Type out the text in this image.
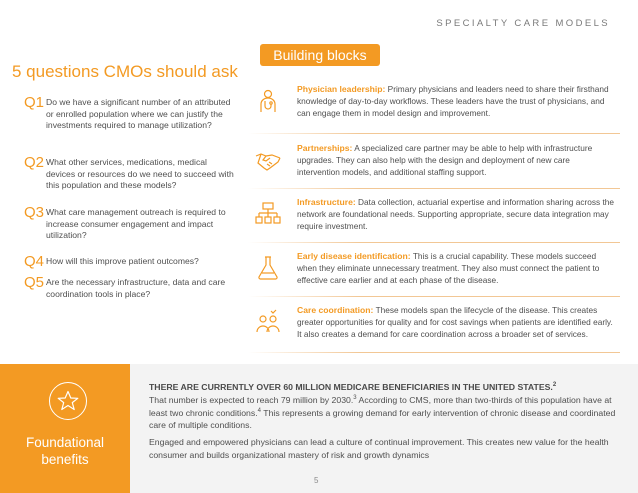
SPECIALTY CARE MODELS
5 questions CMOs should ask
Q1 Do we have a significant number of an attributed or enrolled population where we can justify the investments required to manage utilization?
Q2 What other services, medications, medical devices or resources do we need to succeed with this population and these models?
Q3 What care management outreach is required to increase consumer engagement and impact utilization?
Q4 How will this improve patient outcomes?
Q5 Are the necessary infrastructure, data and care coordination tools in place?
Building blocks
Physician leadership: Primary physicians and leaders need to share their firsthand knowledge of day-to-day workflows. These leaders have the trust of physicians, and can engage them in model design and improvement.
Partnerships: A specialized care partner may be able to help with infrastructure upgrades. They can also help with the design and deployment of new care intervention models, and additional staffing support.
Infrastructure: Data collection, actuarial expertise and information sharing across the network are foundational needs. Supporting appropriate, secure data integration may require investment.
Early disease identification: This is a crucial capability. These models succeed when they eliminate unnecessary treatment. They also must connect the patient to effective care earlier and at each phase of the disease.
Care coordination: These models span the lifecycle of the disease. This creates greater opportunities for quality and for cost savings when patients are identified early. It also creates a demand for care coordination across a broader set of services.
Foundational benefits

THERE ARE CURRENTLY OVER 60 MILLION MEDICARE BENEFICIARIES IN THE UNITED STATES.$^2$
That number is expected to reach 79 million by 2030.$^3$ According to CMS, more than two-thirds of this population have at least two chronic conditions.$^4$ This represents a growing demand for early intervention of chronic disease and coordinated care of multiple conditions.

Engaged and empowered physicians can lead a culture of continual improvement. This creates new value for the health consumer and builds organizational mastery of risk and growth dynamics

5
